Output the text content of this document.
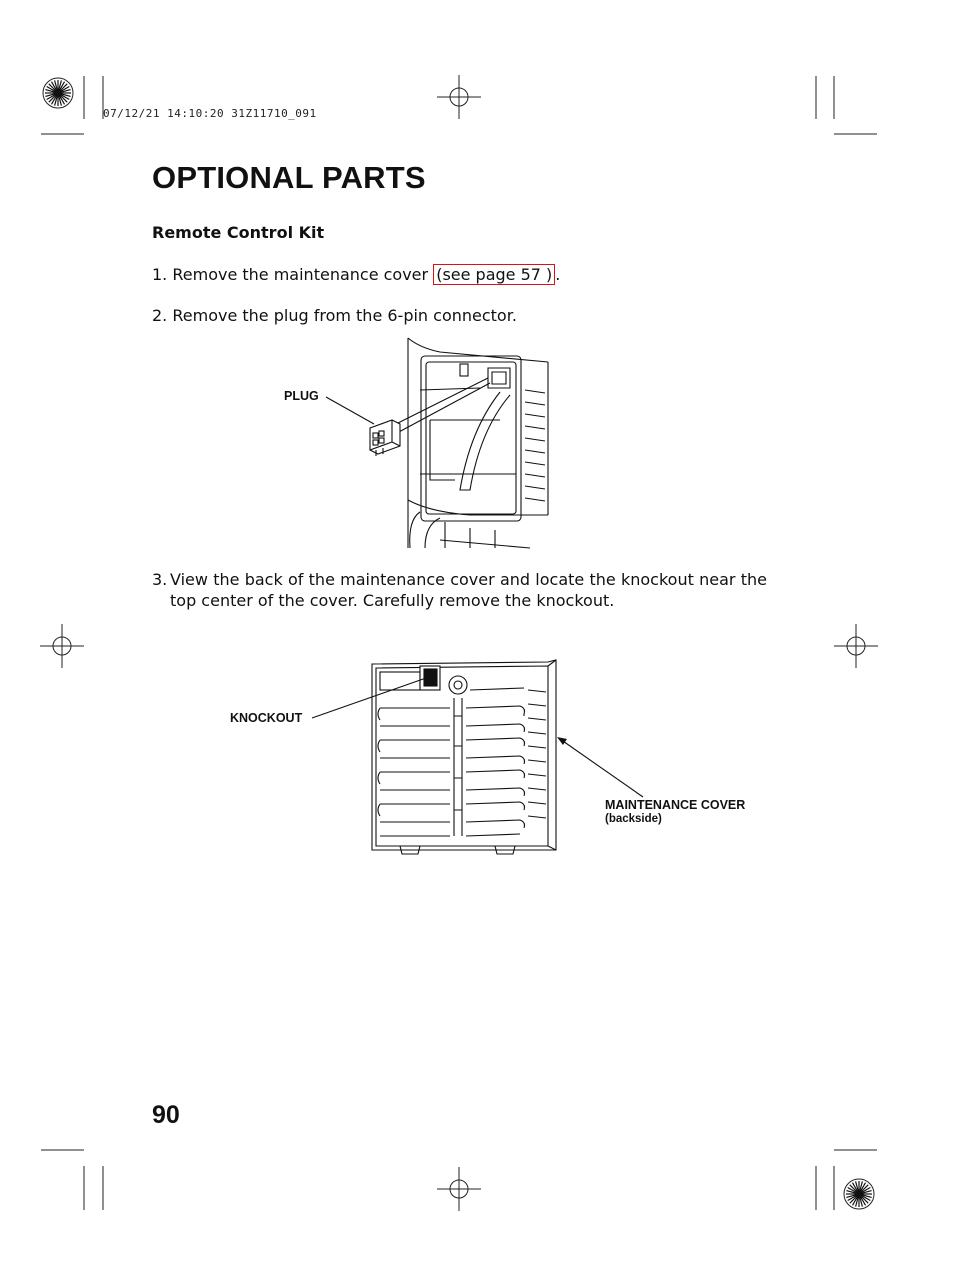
07/12/21 14:10:20 31Z11710_091
OPTIONAL PARTS
Remote Control Kit
1. Remove the maintenance cover (see page 57 ) .
2. Remove the plug from the 6-pin connector.
PLUG
3. View the back of the maintenance cover and locate the knockout near the top center of the cover. Carefully remove the knockout.
KNOCKOUT
MAINTENANCE COVER
(backside)
90
